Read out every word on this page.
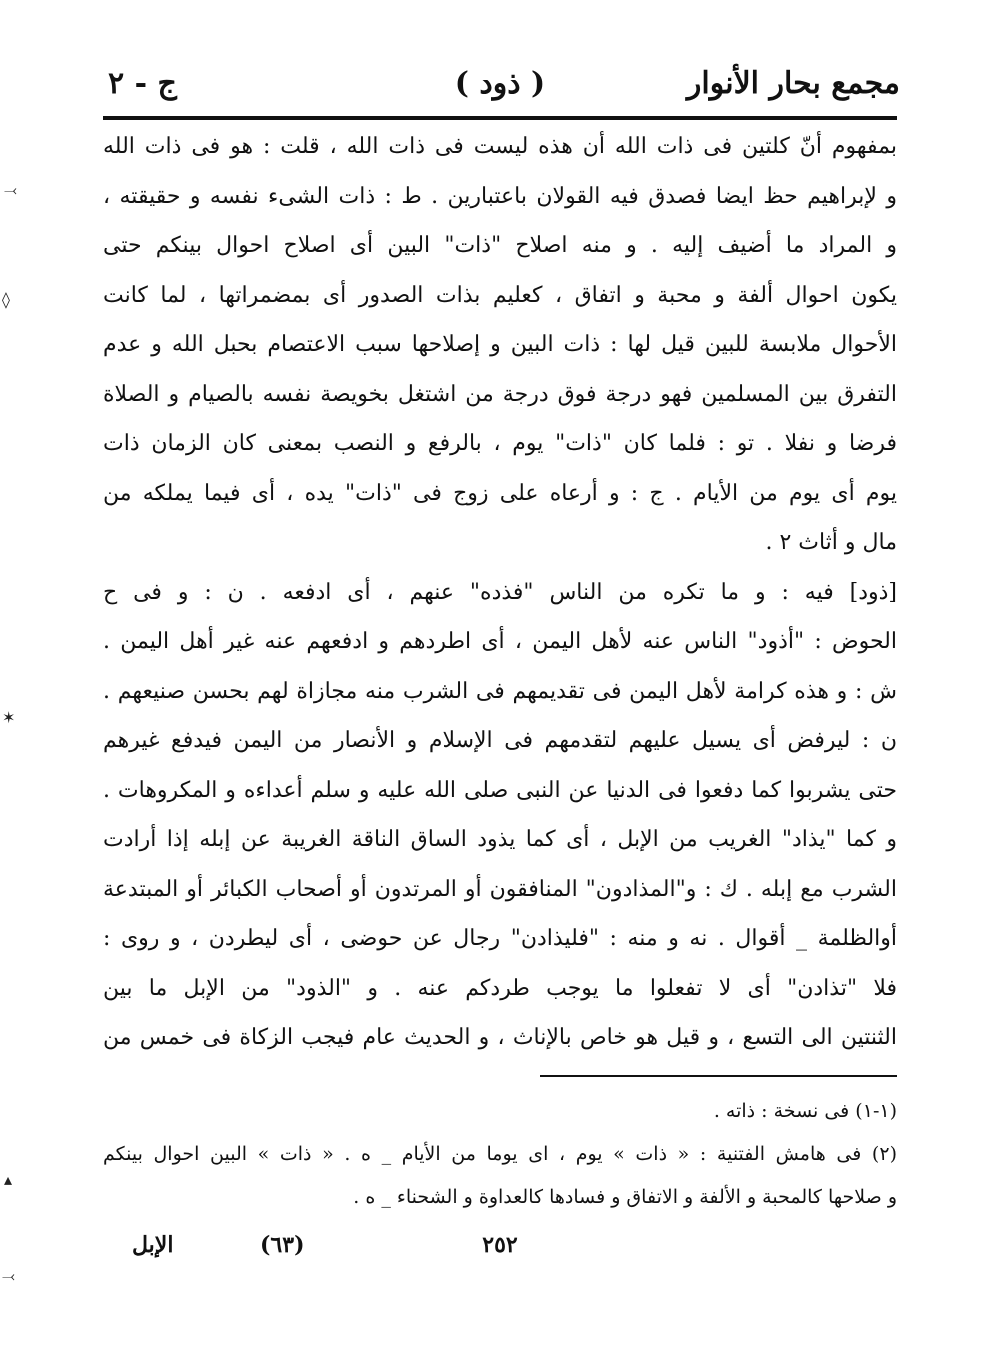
مجمع بحار الأنوار
( ذود )
ج - ٢
بمفهوم أنّ كلتين فى ذات الله أن هذه ليست فى ذات الله ، قلت : هو فى ذات الله
و لإبراهيم حظ ايضا فصدق فيه القولان باعتبارين . ط : ذات الشىء نفسه و حقيقته ،
و المراد ما أضيف إليه . و منه اصلاح "ذات" البين أى اصلاح احوال بينكم حتى
يكون احوال ألفة و محبة و اتفاق ، كعليم بذات الصدور أى بمضمراتها ، لما كانت
الأحوال ملابسة للبين قيل لها : ذات البين و إصلاحها سبب الاعتصام بحبل الله و عدم
التفرق بين المسلمين فهو درجة فوق درجة من اشتغل بخويصة نفسه بالصيام و الصلاة
فرضا و نفلا . تو : فلما كان "ذات" يوم ، بالرفع و النصب بمعنى كان الزمان ذات
يوم أى يوم من الأيام . ج : و أرعاه على زوج فى "ذات" يده ، أى فيما يملكه من
مال و أثاث ٢ .
[ذود] فيه : و ما تكره من الناس "فذده" عنهم ، أى ادفعه . ن : و فى ح
الحوض : "أذود" الناس عنه لأهل اليمن ، أى اطردهم و ادفعهم عنه غير أهل اليمن .
ش : و هذه كرامة لأهل اليمن فى تقديمهم فى الشرب منه مجازاة لهم بحسن صنيعهم .
ن : ليرفض أى يسيل عليهم لتقدمهم فى الإسلام و الأنصار من اليمن فيدفع غيرهم
حتى يشربوا كما دفعوا فى الدنيا عن النبى صلى الله عليه و سلم أعداءه و المكروهات .
و كما "يذاد" الغريب من الإبل ، أى كما يذود الساق الناقة الغريبة عن إبله إذا أرادت
الشرب مع إبله . ك : و"المذادون" المنافقون أو المرتدون أو أصحاب الكبائر أو المبتدعة
أوالظلمة _ أقوال . نه و منه : "فليذادن" رجال عن حوضى ، أى ليطردن ، و روى :
فلا "تذادن" أى لا تفعلوا ما يوجب طردكم عنه . و "الذود" من الإبل ما بين
الثنتين الى التسع ، و قيل هو خاص بالإناث ، و الحديث عام فيجب الزكاة فى خمس من
(١-١) فى نسخة : ذاته .
(٢) فى هامش الفتنية : « ذات » يوم ، اى يوما من الأيام _ ه . « ذات » البين احوال بينكم
و صلاحها كالمحبة و الألفة و الاتفاق و فسادها كالعداوة و الشحناء _ ه .
٢٥٢
(٦٣)
الإبل
⤙
◊
✶
▴
⤙
